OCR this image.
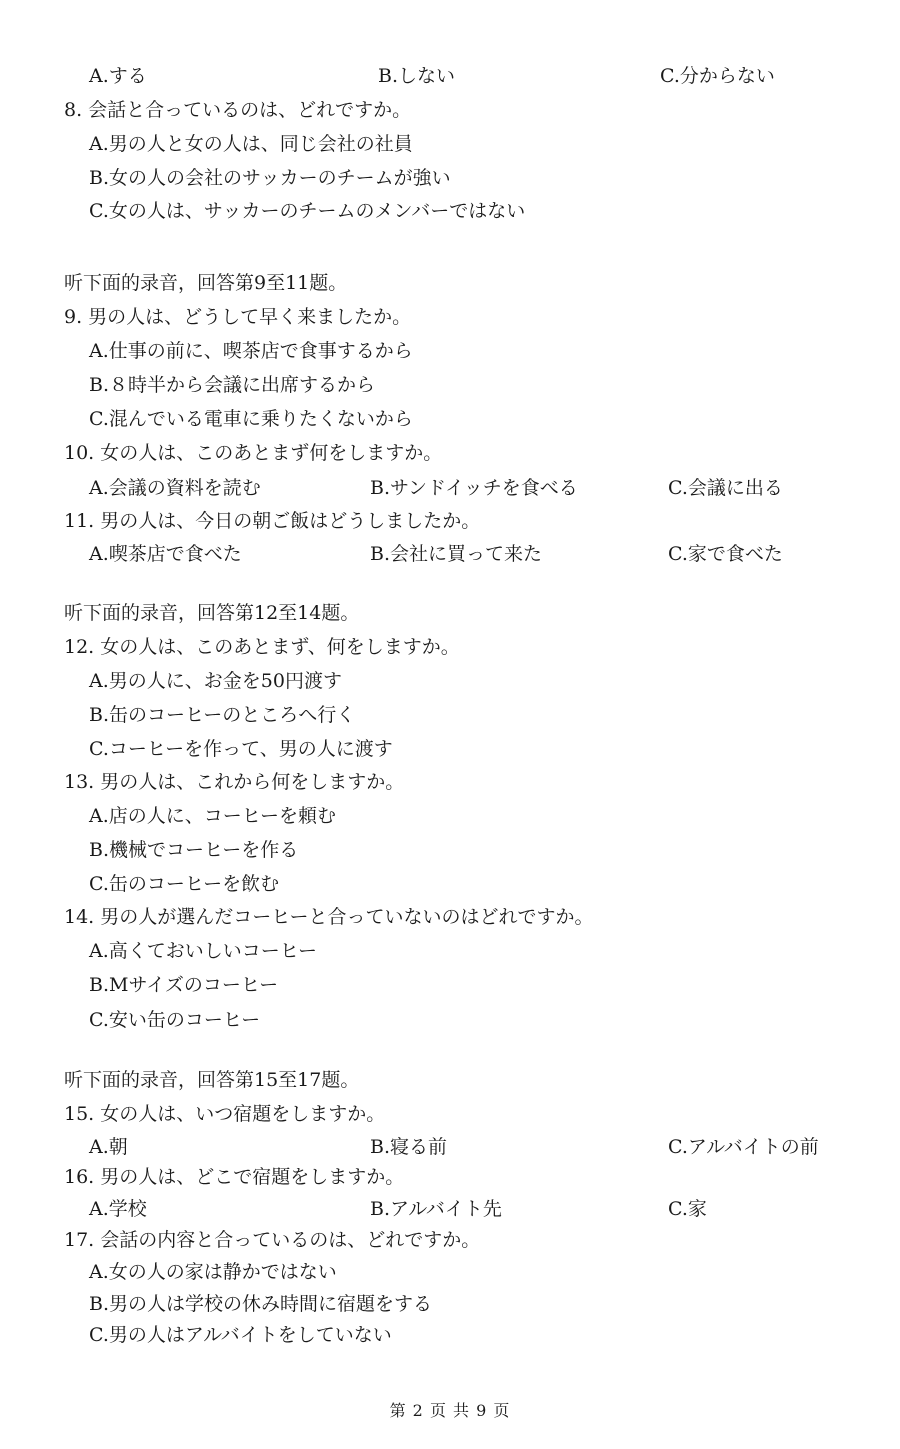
A.する	B.しない	C.分からない
8. 会話と合っているのは、どれですか。
A.男の人と女の人は、同じ会社の社員
B.女の人の会社のサッカーのチームが強い
C.女の人は、サッカーのチームのメンバーではない
听下面的录音，回答第9至11题。
9. 男の人は、どうして早く来ましたか。
A.仕事の前に、喫茶店で食事するから
B.８時半から会議に出席するから
C.混んでいる電車に乗りたくないから
10. 女の人は、このあとまず何をしますか。
A.会議の資料を読む	B.サンドイッチを食べる	C.会議に出る
11. 男の人は、今日の朝ご飯はどうしましたか。
A.喫茶店で食べた	B.会社に買って来た	C.家で食べた
听下面的录音，回答第12至14题。
12. 女の人は、このあとまず、何をしますか。
A.男の人に、お金を50円渡す
B.缶のコーヒーのところへ行く
C.コーヒーを作って、男の人に渡す
13. 男の人は、これから何をしますか。
A.店の人に、コーヒーを頼む
B.機械でコーヒーを作る
C.缶のコーヒーを飲む
14. 男の人が選んだコーヒーと合っていないのはどれですか。
A.高くておいしいコーヒー
B.Mサイズのコーヒー
C.安い缶のコーヒー
听下面的录音，回答第15至17题。
15. 女の人は、いつ宿題をしますか。
A.朝	B.寝る前	C.アルバイトの前
16. 男の人は、どこで宿題をしますか。
A.学校	B.アルバイト先	C.家
17. 会話の内容と合っているのは、どれですか。
A.女の人の家は静かではない
B.男の人は学校の休み時間に宿題をする
C.男の人はアルバイトをしていない
第 2 页 共 9 页
